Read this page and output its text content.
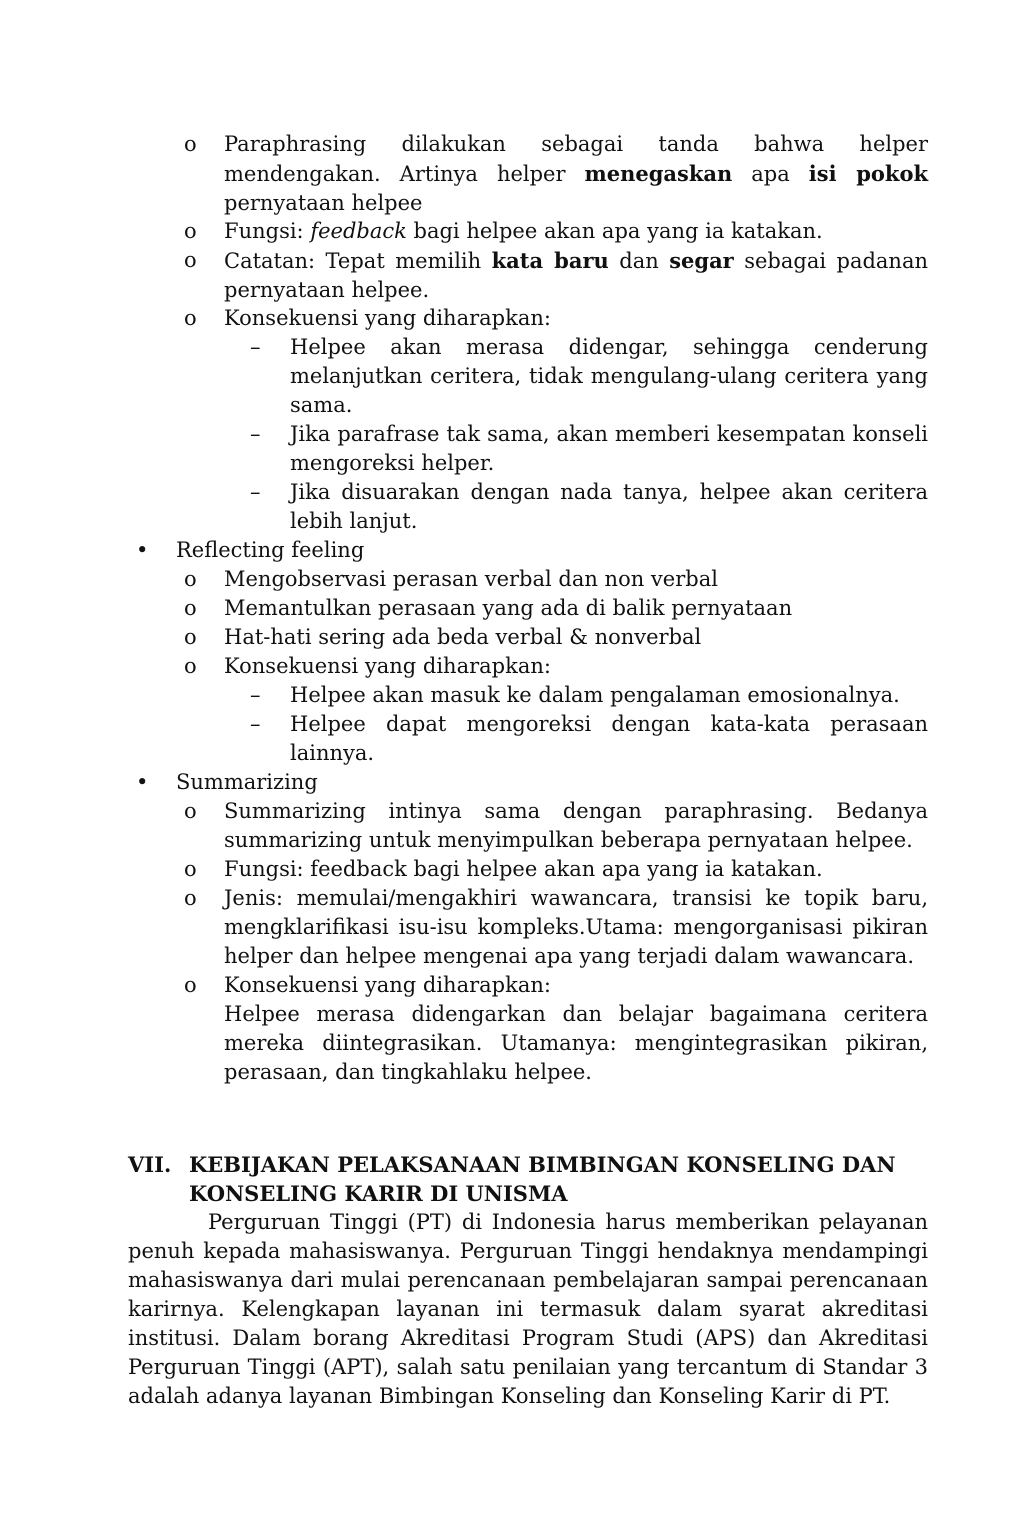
o Paraphrasing dilakukan sebagai tanda bahwa helper mendengakan. Artinya helper menegaskan apa isi pokok pernyataan helpee
o Fungsi: feedback bagi helpee akan apa yang ia katakan.
o Catatan: Tepat memilih kata baru dan segar sebagai padanan pernyataan helpee.
o Konsekuensi yang diharapkan:
– Helpee akan merasa didengar, sehingga cenderung melanjutkan ceritera, tidak mengulang-ulang ceritera yang sama.
– Jika parafrase tak sama, akan memberi kesempatan konseli mengoreksi helper.
– Jika disuarakan dengan nada tanya, helpee akan ceritera lebih lanjut.
• Reflecting feeling
o Mengobservasi perasan verbal dan non verbal
o Memantulkan perasaan yang ada di balik pernyataan
o Hat-hati sering ada beda verbal & nonverbal
o Konsekuensi yang diharapkan:
– Helpee akan masuk ke dalam pengalaman emosionalnya.
– Helpee dapat mengoreksi dengan kata-kata perasaan lainnya.
• Summarizing
o Summarizing intinya sama dengan paraphrasing. Bedanya summarizing untuk menyimpulkan beberapa pernyataan helpee.
o Fungsi: feedback bagi helpee akan apa yang ia katakan.
o Jenis: memulai/mengakhiri wawancara, transisi ke topik baru, mengklarifikasi isu-isu kompleks.Utama: mengorganisasi pikiran helper dan helpee mengenai apa yang terjadi dalam wawancara.
o Konsekuensi yang diharapkan:
Helpee merasa didengarkan dan belajar bagaimana ceritera mereka diintegrasikan. Utamanya: mengintegrasikan pikiran, perasaan, dan tingkahlaku helpee.
VII. KEBIJAKAN PELAKSANAAN BIMBINGAN KONSELING DAN
KONSELING KARIR DI UNISMA
Perguruan Tinggi (PT) di Indonesia harus memberikan pelayanan penuh kepada mahasiswanya. Perguruan Tinggi hendaknya mendampingi mahasiswanya dari mulai perencanaan pembelajaran sampai perencanaan karirnya. Kelengkapan layanan ini termasuk dalam syarat akreditasi institusi. Dalam borang Akreditasi Program Studi (APS) dan Akreditasi Perguruan Tinggi (APT), salah satu penilaian yang tercantum di Standar 3 adalah adanya layanan Bimbingan Konseling dan Konseling Karir di PT.
